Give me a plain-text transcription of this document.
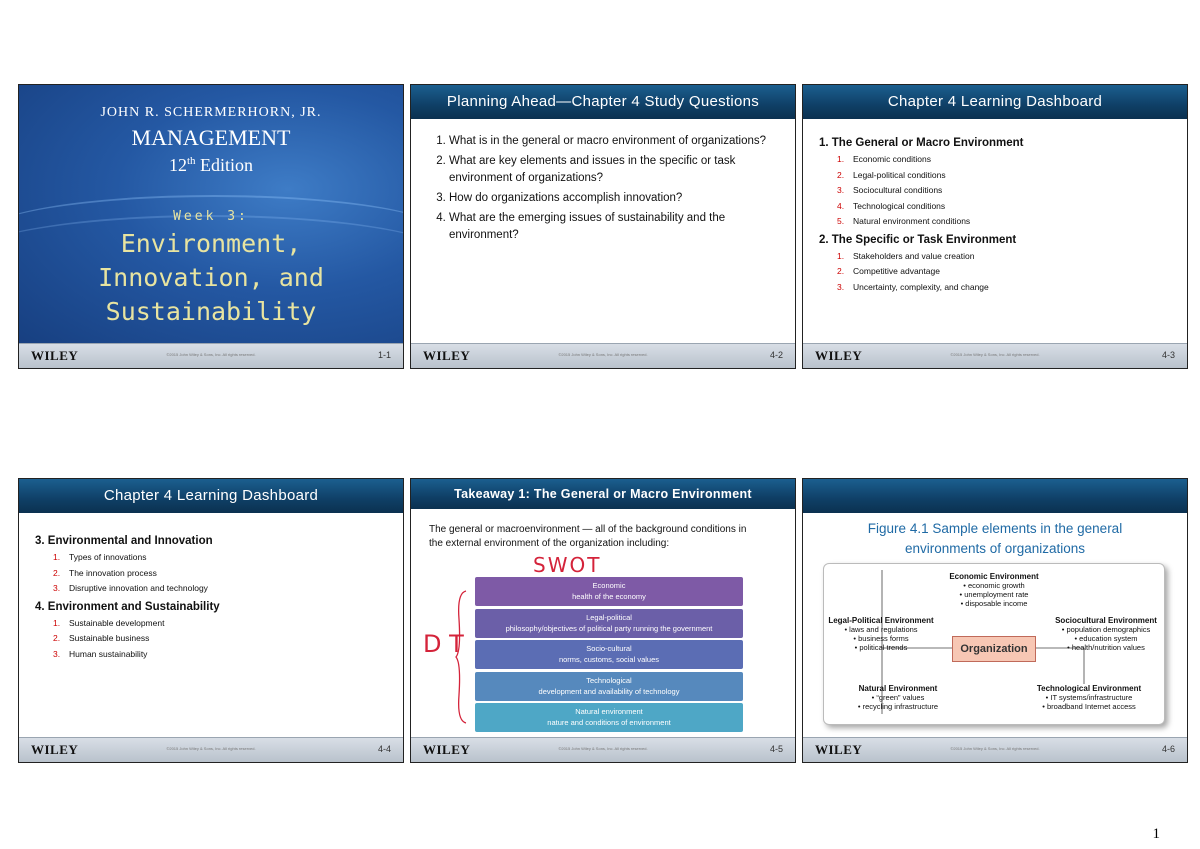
JOHN R. SCHERMERHORN, JR.
MANAGEMENT
12th Edition
Week 3:
Environment,
Innovation, and
Sustainability
WILEY	©2015 John Wiley & Sons, Inc. All rights reserved.	1-1
Planning Ahead—Chapter 4 Study Questions
1. What is in the general or macro environment of organizations?
2. What are key elements and issues in the specific or task environment of organizations?
3. How do organizations accomplish innovation?
4. What are the emerging issues of sustainability and the environment?
WILEY	©2015 John Wiley & Sons, Inc. All rights reserved.	4-2
Chapter 4 Learning Dashboard
1. The General or Macro Environment
1. Economic conditions
2. Legal-political conditions
3. Sociocultural conditions
4. Technological conditions
5. Natural environment conditions
2. The Specific or Task Environment
1. Stakeholders and value creation
2. Competitive advantage
3. Uncertainty, complexity, and change
WILEY	©2015 John Wiley & Sons, Inc. All rights reserved.	4-3
Chapter 4 Learning Dashboard
3. Environmental and Innovation
1. Types of innovations
2. The innovation process
3. Disruptive innovation and technology
4. Environment and Sustainability
1. Sustainable development
2. Sustainable business
3. Human sustainability
WILEY	©2015 John Wiley & Sons, Inc. All rights reserved.	4-4
Takeaway 1: The General or Macro Environment
The general or macroenvironment — all of the background conditions in the external environment of the organization including:
SWOT
D T
Economic
health of the economy
Legal-political
philosophy/objectives of political party running the government
Socio-cultural
norms, customs, social values
Technological
development and availability of technology
Natural environment
nature and conditions of environment
WILEY	©2015 John Wiley & Sons, Inc. All rights reserved.	4-5
Figure 4.1 Sample elements in the general
environments of organizations
Economic Environment
• economic growth
• unemployment rate
• disposable income
Legal-Political Environment
• laws and regulations
• business forms
• political trends
Sociocultural Environment
• population demographics
• education system
• health/nutrition values
Organization
Natural Environment
• “green” values
• recycling infrastructure
Technological Environment
• IT systems/infrastructure
• broadband Internet access
WILEY	©2015 John Wiley & Sons, Inc. All rights reserved.	4-6
1
